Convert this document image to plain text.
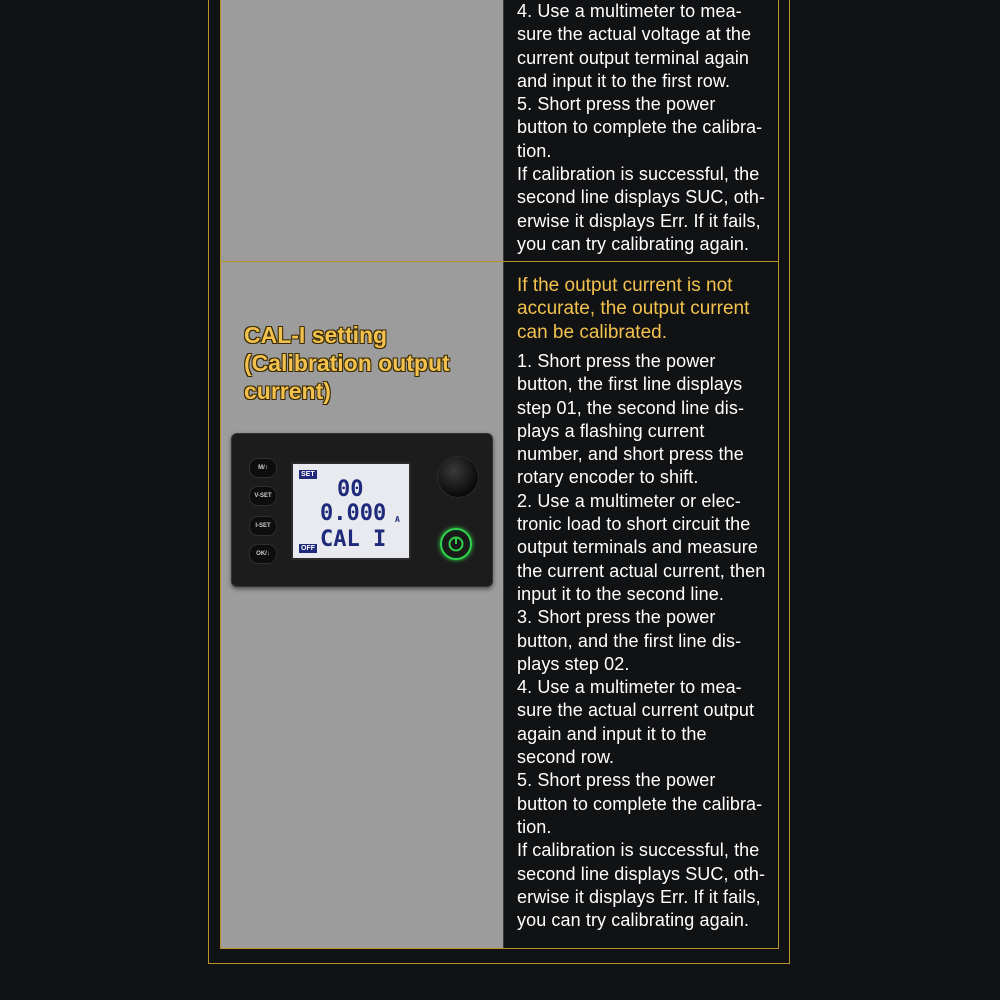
4. Use a multimeter to mea-
sure the actual voltage at the
current output terminal again
and input it to the first row.
5. Short press the power
button to complete the calibra-
tion.
If calibration is successful, the
second line displays SUC, oth-
erwise it displays Err. If it fails,
you can try calibrating again.
CAL-I setting
(Calibration output
current)
If the output current is not
accurate, the output current
can be calibrated.
1. Short press the power
button, the first line displays
step 01, the second line dis-
plays a flashing current
number, and short press the
rotary encoder to shift.
2. Use a multimeter or elec-
tronic load to short circuit the
output terminals and measure
the current actual current, then
input it to the second line.
3. Short press the power
button, and the first line dis-
plays step 02.
4. Use a multimeter to mea-
sure the actual current output
again and input it to the
second row.
5. Short press the power
button to complete the calibra-
tion.
If calibration is successful, the
second line displays SUC, oth-
erwise it displays Err. If it fails,
you can try calibrating again.
M/↕
V-SET
I-SET
OK/↓
SET
00
0.000 A
CAL I
OFF
